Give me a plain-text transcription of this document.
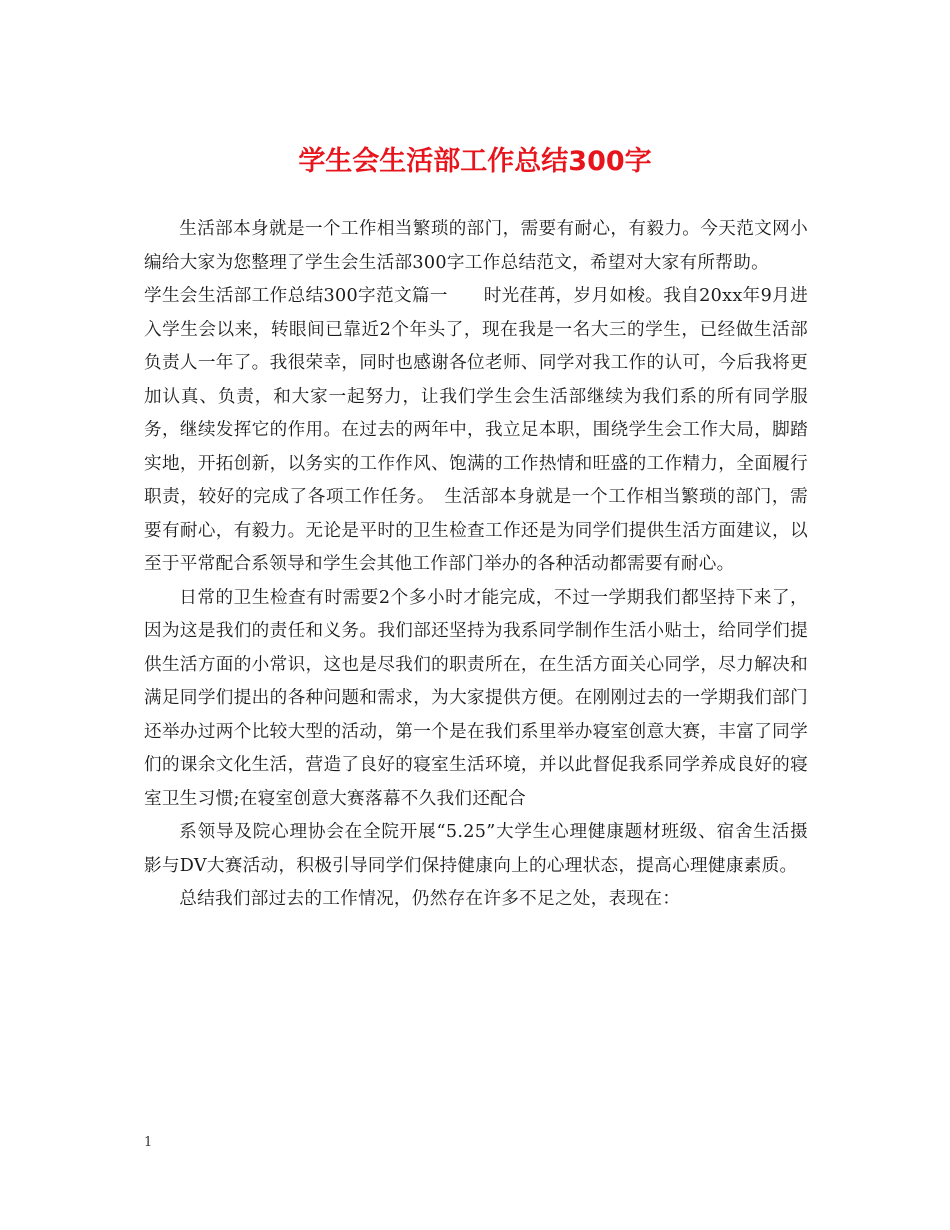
学生会生活部工作总结300字

生活部本身就是一个工作相当繁琐的部门，需要有耐心，有毅力。今天范文网小编给大家为您整理了学生会生活部300字工作总结范文，希望对大家有所帮助。

学生会生活部工作总结300字范文篇一　　时光荏苒，岁月如梭。我自20xx年9月进入学生会以来，转眼间已靠近2个年头了，现在我是一名大三的学生，已经做生活部负责人一年了。我很荣幸，同时也感谢各位老师、同学对我工作的认可，今后我将更加认真、负责，和大家一起努力，让我们学生会生活部继续为我们系的所有同学服务，继续发挥它的作用。在过去的两年中，我立足本职，围绕学生会工作大局，脚踏实地，开拓创新，以务实的工作作风、饱满的工作热情和旺盛的工作精力，全面履行职责，较好的完成了各项工作任务。　生活部本身就是一个工作相当繁琐的部门，需要有耐心，有毅力。无论是平时的卫生检查工作还是为同学们提供生活方面建议，以至于平常配合系领导和学生会其他工作部门举办的各种活动都需要有耐心。

日常的卫生检查有时需要2个多小时才能完成，不过一学期我们都坚持下来了，因为这是我们的责任和义务。我们部还坚持为我系同学制作生活小贴士，给同学们提供生活方面的小常识，这也是尽我们的职责所在，在生活方面关心同学，尽力解决和满足同学们提出的各种问题和需求，为大家提供方便。在刚刚过去的一学期我们部门还举办过两个比较大型的活动，第一个是在我们系里举办寝室创意大赛，丰富了同学们的课余文化生活，营造了良好的寝室生活环境，并以此督促我系同学养成良好的寝室卫生习惯;在寝室创意大赛落幕不久我们还配合

系领导及院心理协会在全院开展“5.25”大学生心理健康题材班级、宿舍生活摄影与DV大赛活动，积极引导同学们保持健康向上的心理状态，提高心理健康素质。

总结我们部过去的工作情况，仍然存在许多不足之处，表现在：

1
